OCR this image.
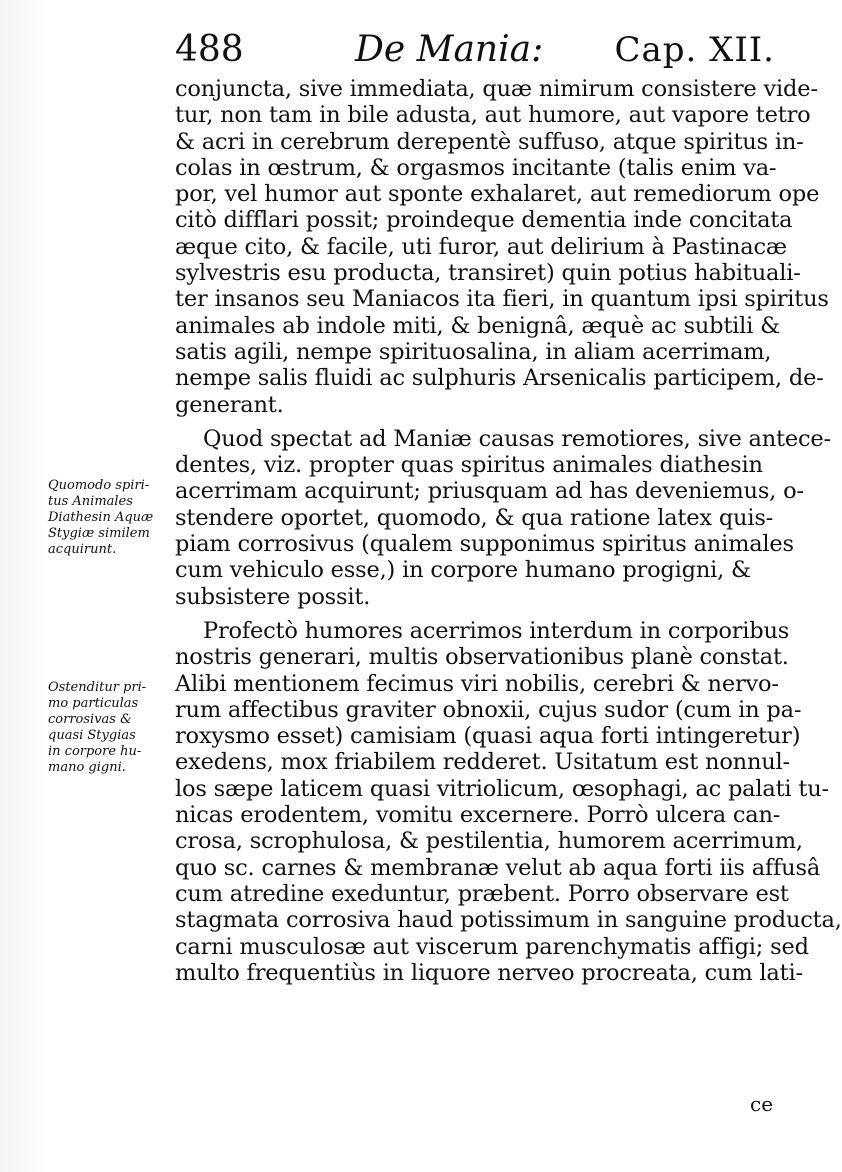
488	De Mania: Cap. XII.
conjuncta, sive immediata, quæ nimirum consistere vide-
tur, non tam in bile adusta, aut humore, aut vapore tetro
& acri in cerebrum derepentè suffuso, atque spiritus in-
colas in œstrum, & orgasmos incitante (talis enim va-
por, vel humor aut sponte exhalaret, aut remediorum ope
citò difflari possit; proindeque dementia inde concitata
æque cito, & facile, uti furor, aut delirium à Pastinacæ
sylvestris esu producta, transiret) quin potius habituali-
ter insanos seu Maniacos ita fieri, in quantum ipsi spiritus
animales ab indole miti, & benignâ, æquè ac subtili &
satis agili, nempe spirituosalina, in aliam acerrimam,
nempe salis fluidi ac sulphuris Arsenicalis participem, de-
generant.
Quod spectat ad Maniæ causas remotiores, sive antece-
dentes, viz. propter quas spiritus animales diathesin
acerrimam acquirunt; priusquam ad has deveniemus, o-
stendere oportet, quomodo, & qua ratione latex quis-
piam corrosivus (qualem supponimus spiritus animales
cum vehiculo esse,) in corpore humano progigni, &
subsistere possit.
Profectò humores acerrimos interdum in corporibus
nostris generari, multis observationibus planè constat.
Alibi mentionem fecimus viri nobilis, cerebri & nervo-
rum affectibus graviter obnoxii, cujus sudor (cum in pa-
roxysmo esset) camisiam (quasi aqua forti intingeretur)
exedens, mox friabilem redderet. Usitatum est nonnul-
los sæpe laticem quasi vitriolicum, œsophagi, ac palati tu-
nicas erodentem, vomitu excernere. Porrò ulcera can-
crosa, scrophulosa, & pestilentia, humorem acerrimum,
quo sc. carnes & membranæ velut ab aqua forti iis affusâ
cum atredine exeduntur, præbent. Porro observare est
stagmata corrosiva haud potissimum in sanguine producta,
carni musculosæ aut viscerum parenchymatis affigi; sed
multo frequentiùs in liquore nerveo procreata, cum lati-
ce
Quomodo spiri-
tus Animales
Diathesin Aquæ
Stygiæ similem
acquirunt.
Ostenditur pri-
mo particulas
corrosivas &
quasi Stygias
in corpore hu-
mano gigni.
